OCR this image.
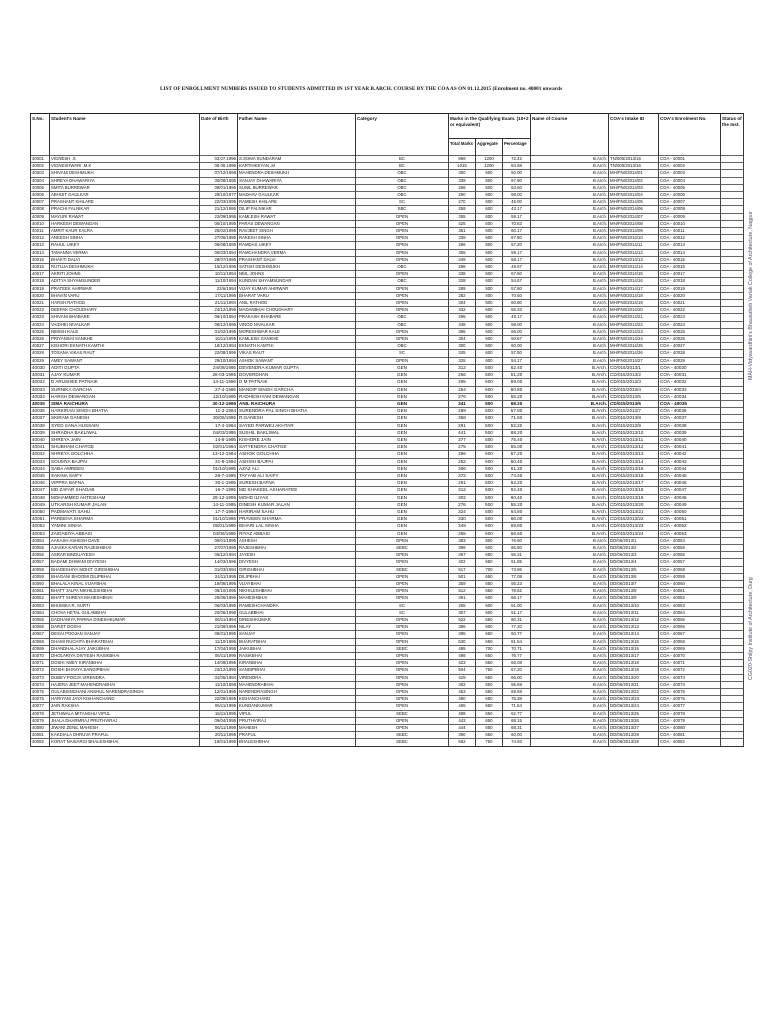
LIST OF ENROLLMENT NUMBERS ISSUED TO STUDENTS ADMITTED IN 1ST YEAR B.ARCH. COURSE BY THE COA AS ON 01.12.2015 (Enrolment no. 40001 onwards
S.No.	Student's Name	Date of Birth	Father Name	Category	Marks in the Qualifying Exam. (10+2 or equivalent)			Name of Course	COA's Intake ID	COA's Enrolment No.	Status of the Inst.
					Total Marks	Aggregate	Percentage				
40001	VIGNESH .S	03.07.1996	S.SOMA SUNDARAM	BC	869	1200	72.42	B.Arch.	TN/005/2013/16	COA - 40001	
40002	VIGNESHWARI .M.K	08.08.1996	KARTHIKEYAN .M	BC	1015	1200	84.58	B.Arch.	TN/005/2013/16	COA - 40002	
40003	SHIVANI DESHMUKH	07/12/1995	MAHENDRA DESHMUKH	OBC	300	600	50.00	B.Arch.	MH/FN0/2014/01	COA - 40003	
40004	SHREYA DHAWARIYA	30/08/1995	SANJAY DHAWARIYA	OBC	339	500	67.80	B.Arch.	MH/FN0/2014/02	COA - 40004	
40005	SMITA BURREWAR	09/01/1995	SUNIL BURREWAR	OBC	268	500	53.60	B.Arch.	MH/FN0/2014/03	COA - 40005	
40006	ABHIJIT GAULKAR	29/10/1977	MADHAV GAULKAR	OBC	290	500	58.00	B.Arch.	MH/FN0/2014/04	COA - 40006	
40007	PRASHANT KHILARE	22/03/1995	RAMESH KHILARE	SC	270	600	45.00	B.Arch.	MH/FN0/2014/05	COA - 40007	
40008	PRACHI FALNIKAR	21/12/1995	DILIP FALNIKAR	SBC	259	600	43.17	B.Arch.	MH/FN0/2014/06	COA - 40008	
40009	MAYURI RAWAT	22/09/1995	KAMLESH RAWAT	OPEN	355	600	59.17	B.Arch.	MH/FN0/2014/07	COA - 40009	
40010	HARKESH DEWANGAN	06/10/1995	PARAS DEWANGAN	OPEN	425	600	70.83	B.Arch.	MH/FN0/2014/08	COA - 40010	
40011	AMRIT KAUR KALRA	25/02/1995	RAVJEET SINGH	OPEN	361	600	60.17	B.Arch.	MH/FN0/2014/09	COA - 40011	
40012	ANKESH SINHA	27/06/1995	RAKESH SINHA	OPEN	339	500	67.80	B.Arch.	MH/FN0/2014/10	COA - 40012	
40013	RAHUL UIKEY	06/08/1995	RAMDAS UIKEY	OPEN	286	500	57.20	B.Arch.	MH/FN0/2014/11	COA - 40013	
40014	TAMANNA VERMA	06/03/1994	RAMCHANDRA VERMA	OPEN	355	600	59.17	B.Arch.	MH/FN0/2014/12	COA - 40014	
40015	BHAKTI DALVI	28/07/1995	PRASHANT DALVI	OPEN	349	600	58.17	B.Arch.	MH/FN0/2014/13	COA - 40015	
40016	RUTUJA DESHMUKH	15/12/1995	SATISH DESHMUKH	OBC	298	600	49.67	B.Arch.	MH/FN0/2014/14	COA - 40016	
40017	AKRITI JOHNS	10/11/1994	NEIL JOHNS	OPEN	338	500	67.60	B.Arch.	MH/FN0/2014/15	COA - 40017	
40018	ADITYA SHYAMSUNDER	11/10/1994	KUNDAN SHYAMSUNDAR	OBC	328	600	54.67	B.Arch.	MH/FN0/2014/16	COA - 40018	
40019	PRATEEK AHIRWAR	22/6/1994	VIJAY KUMAR AHIRWAR	OPEN	289	500	57.80	B.Arch.	MH/FN0/2014/17	COA - 40019	
40020	BHAVIN VARU	17/11/1995	BHARAT VARU	OPEN	282	400	70.50	B.Arch.	MH/FN0/2014/18	COA - 40020	
40021	HARSH RATHOD	21/11/1994	ANIL RATHOD	OPEN	304	500	60.80	B.Arch.	MH/FN0/2014/19	COA - 40021	
40022	DEEPAK CHOUDHARY	24/12/1995	MADANBHAI CHOUDHARY	OPEN	332	600	55.33	B.Arch.	MH/FN0/2014/20	COA - 40022	
40023	SHIVANI BHABARE	06/10/1994	PRAKASH BHABARE	OBC	295	600	49.17	B.Arch.	MH/FN0/2014/21	COA - 40023	
40024	VAIDHEI NIVALKAR	08/12/1995	VINOD NIVALKAR	OBC	348	600	58.00	B.Arch.	MH/FN0/2014/22	COA - 40024	
40025	NIMISH KALE	01/02/1995	MORESHWAR KALE	OPEN	396	600	66.00	B.Arch.	MH/FN0/2014/23	COA - 40025	
40026	PRIYANSHI SANKHE	16/11/1995	KAMLESH SANKHE	OPEN	304	600	50.67	B.Arch.	MH/FN0/2014/24	COA - 40026	
40027	KISHORI EKNATH KAMTHI	18/12/1994	EKNATH KAMTHI	OBC	300	500	60.00	B.Arch.	MH/FN0/2014/25	COA - 40027	
40028	TOSANA VIKAS RAUT	22/08/1995	VIKAS RAUT	SC	345	600	57.50	B.Arch.	MH/FN0/2014/26	COA - 40028	
40029	AMEY SAWANT	29/10/1994	ASHOK SAWANT	OPEN	325	600	54.17	B.Arch.	MH/FN0/2014/27	COA - 40029	
40030	ADITI GUPTA	24/08/1995	DEVENDRA KUMAR GUPTA	GEN	312	500	62.40	B.Arch.	CD/015/2013/1	COA - 40030	
40031	AJAY KUMAR	28-03-1995	DOVERDHAN	GEN	256	500	51.20	B.Arch.	CD/015/2013/2	COA - 40031	
40032	D ARUSHEE PATNAIK	14-11-1996	D M PATNAIK	GEN	295	500	59.00	B.Arch.	CD/015/2013/3	COA - 40032	
40033	SURNIKA GARCHA	27-4-1995	MANDIP SINGH GARCHA	GEN	254	500	50.80	B.Arch.	CD/015/2013/4	COA - 40033	
40034	HARSH DEWANGAN	12/10/1995	RADHESHYAM DEWANGAN	GEN	276	500	55.20	B.Arch.	CD/015/2013/5	COA - 40034	
40035	SIMA RAICHURA	30-12-1995	ANIL RAICHURA	GEN	341	500	68.20	B.Arch.	CD/015/2013/6	COA - 40035	
40036	HARKIRAN SINGH BHATIA	11-3-1994	SURENDRA PAL SINGH BHATIA	GEN	289	500	57.80	B.Arch.	CD/015/2013/7	COA - 40036	
40037	SKIRAM GANESH	30/05/1995	R.GANESH	GEN	358	500	71.60	B.Arch.	CD/015/2013/8	COA - 40037	
40038	SYED SANA HUSSAIN	17-4-1994	SAYED PARWEJ AKHTAR	GEN	261	500	52.20	B.Arch.	CD/015/2013/9	COA - 40038	
40039	SHRADHA BAKLIWAL	04/03/1995	SUSHIL BAKLIWAL	GEN	441	500	88.20	B.Arch.	CD/015/2013/10	COA - 40039	
40040	SHREYA JAIN	14-8-1995	KISHORE JAIN	GEN	377	500	75.40	B.Arch.	CD/015/2013/11	COA - 40040	
40041	SHUBHAM CHATGE	02/01/1994	SATYENDRA CHATGE	GEN	275	500	55.00	B.Arch.	CD/015/2013/12	COA - 40041	
40042	SHREYA GOLCHHA	13-12-1994	ASHOK GOLCHHA	GEN	286	500	57.20	B.Arch.	CD/015/2013/13	COA - 40042	
40043	SOUMYA BAJPAI	31-8-1994	ASHISH BAJPAI	GEN	252	500	50.40	B.Arch.	CD/015/2013/14	COA - 40043	
40044	SABA AMREEN	01/10/1995	AZAZ ALI	GEN	306	500	61.20	B.Arch.	CD/015/2013/15	COA - 40044	
40045	SAKINA SAIFY	26-7-1995	TAYYAB ALI SAIFY	GEN	372	500	74.40	B.Arch.	CD/015/2013/16	COA - 40045	
40046	VIPPRA BAFNA	30-1-1995	SURESH BAFNA	GEN	261	500	52.20	B.Arch.	CD/015/2013/17	COA - 40046	
40047	MD ZAFAR SHADAB	16-7-1995	MD SHAKEEL ASHARAFEE	GEN	312	500	62.40	B.Arch.	CD/015/2013/18	COA - 40047	
40048	MOHAMMED AHTESHAM	29-12-1995	MOHD ILIYAS	GEN	302	500	60.40	B.Arch.	CD/015/2013/19	COA - 40048	
40049	UTKARSH KUMAR JALAN	14-11-1995	DINESH KUMAR JALAN	GEN	276	500	55.20	B.Arch.	CD/015/2013/20	COA - 40049	
40050	PADMAVATI SAHU	17-7-1994	HARIRAM SAHU	GEN	324	500	64.80	B.Arch.	CD/015/2013/21	COA - 40050	
40051	PAREEHA SHARMA	01/10/1995	PRAVEEN SHARMA	GEN	330	500	66.00	B.Arch.	CD/015/2013/22	COA - 40051	
40052	YAMINI SINHA	05/01/1995	BIHARI LAL SINHA	GEN	349	500	69.80	B.Arch.	CD/015/2013/23	COA - 40052	
40053	ZAIDABIYA ABBASI	04/05/1995	RIYAZ ABBASI	GEN	355	500	66.60	B.Arch.	CD/015/2013/24	COA - 40053	
40054	AAKASH ASHESH DAVE	09/01/1995	ASHESH	OPEN	383	500	76.60	B.Arch.	DD/06/2013/1	COA - 40054	
40055	AJASKA KARAN RAJESHBHAI	27/07/1995	RAJESHBHAI	SEBC	399	600	66.50	B.Arch.	DD/06/2013/2	COA - 40055	
40056	ASRAR BINDUAYESH	05/12/1994	JAYESH	OPEN	367	650	56.31	B.Arch.	DD/06/2013/3	COA - 40056	
40057	BADAMI DHWANI DIVYESH	14/03/1996	DIVYESH	OPEN	402	650	61.85	B.Arch.	DD/06/2013/4	COA - 40057	
40058	BHADESHIYA MOHIT GIRISHBHAI	01/03/1994	GIRISHBHAI	SEBC	517	700	73.86	B.Arch.	DD/06/2013/5	COA - 40058	
40059	BHAGANI BHOOMI DILIPBHAI	24/11/1995	DILIPBHAI	OPEN	501	650	77.08	B.Arch.	DD/06/2013/6	COA - 40059	
40060	BHALALA KINAL VIJAYBHAI	18/06/1995	VIJAYBHAI	OPEN	359	650	55.23	B.Arch.	DD/06/2013/7	COA - 40060	
40061	BHATT JALPA NIKHILESHBHAI	06/10/1995	NIKHILESHBHAI	OPEN	512	650	78.62	B.Arch.	DD/06/2013/8	COA - 40061	
40062	BHATT SHREYA MAHESHBHAI	25/06/1996	MAHESHBHAI	OPEN	391	600	66.17	B.Arch.	DD/06/2013/9	COA - 40062	
40063	BHUMIKA R. SURTI	06/03/1995	RAMESHCHANDRA	SC	255	500	51.00	B.Arch.	DD/06/2013/10	COA - 40063	
40064	CHOVA HETAL GULABBHAI	20/06/1996	GULABBHAI	SC	307	600	51.17	B.Arch.	DD/06/2013/11	COA - 40064	
40065	DADHANIYA PARINA DINESHKUMAR	06/11/1994	DINESHKUMAR	OPEN	522	650	80.31	B.Arch.	DD/06/2013/12	COA - 40065	
40066	DARJIT DOSHI	21/08/1995	NILAY	OPEN	386	500	77.20	B.Arch.	DD/06/2013/13	COA - 40066	
40067	DESAI POOJAN SANJAY	09/01/1995	SANJAY	OPEN	395	650	60.77	B.Arch.	DD/06/2013/14	COA - 40067	
40068	DHAMI RUCHITA BHARATBHAI	11/10/1996	BHARATBHAI	OPEN	530	650	81.54	B.Arch.	DD/06/2013/15	COA - 40068	
40069	DHANDHAL AJAY JAIKUBHAI	17/04/1995	JAIKUBHAI	SEBC	495	700	70.71	B.Arch.	DD/06/2013/16	COA - 40069	
40070	DHOLARIYA DIVYESH RASIKBHAI	06/11/1996	RASIKBHAI	OPEN	498	650	76.77	B.Arch.	DD/06/2013/17	COA - 40070	
40071	DOSHI AMEY KIRANBHAI	14/09/1995	KIRANBHAI	OPEN	423	650	65.08	B.Arch.	DD/06/2013/18	COA - 40071	
40072	DOSHI BHAVYA SANDIPBHAI	23/12/1995	SANDIPBHAI	OPEN	504	750	67.20	B.Arch.	DD/06/2013/19	COA - 40072	
40073	DUBEY POOJA VIRENDRA	31/05/1994	VIRENDRA	OPEN	429	650	66.00	B.Arch.	DD/06/2013/20	COA - 40073	
40074	HAJERA JEET MAHENDRABHAI	11/10/1995	MAHENDRABHAI	OPEN	362	650	55.69	B.Arch.	DD/06/2013/21	COA - 40074	
40075	GULABSINGHANI ANSHUL NARENDRASINGH	12/01/1995	NARENDRASINGH	OPEN	453	650	69.69	B.Arch.	DD/06/2013/22	COA - 40075	
40076	HARIYANI JAYA KISHANCHAND	22/09/1995	KISHANCHAND	OPEN	490	650	75.38	B.Arch.	DD/06/2013/23	COA - 40076	
40077	JAIN RAKSHA	06/11/1995	KUNDANKUMAR	OPEN	465	650	71.54	B.Arch.	DD/06/2013/24	COA - 40077	
40078	JETHWALA MITANSHU VIPUL	16/11/1995	VIPUL	SEBC	408	650	62.77	B.Arch.	DD/06/2013/25	COA - 40078	
40079	JHALA DHARMRAJ PRUTHVIRAJ	09/04/1995	PRUTHVIRAJ	OPEN	443	650	68.15	B.Arch.	DD/06/2013/26	COA - 40079	
40080	JIWANI ZENIL MAHESH	06/11/1995	MAHESH	OPEN	444	650	68.31	B.Arch.	DD/06/2013/27	COA - 40080	
40081	KAKDIALA DHRUVA PRAFUL	20/11/1995	PRAFUL	SEBC	390	650	60.00	B.Arch.	DD/06/2013/28	COA - 40081	
40082	KORAT NAISARGI BHALESHBHAI	19/01/1995	BHALESHBHAI	SEBC	562	750	74.93	B.Arch.	DD/06/2013/29	COA - 40082	
MAH-Vidyavardhini's Bhausaheb Vartak College of Architecture, Nagpur
CG020-Shilpy Institute of Architecture, Durg
